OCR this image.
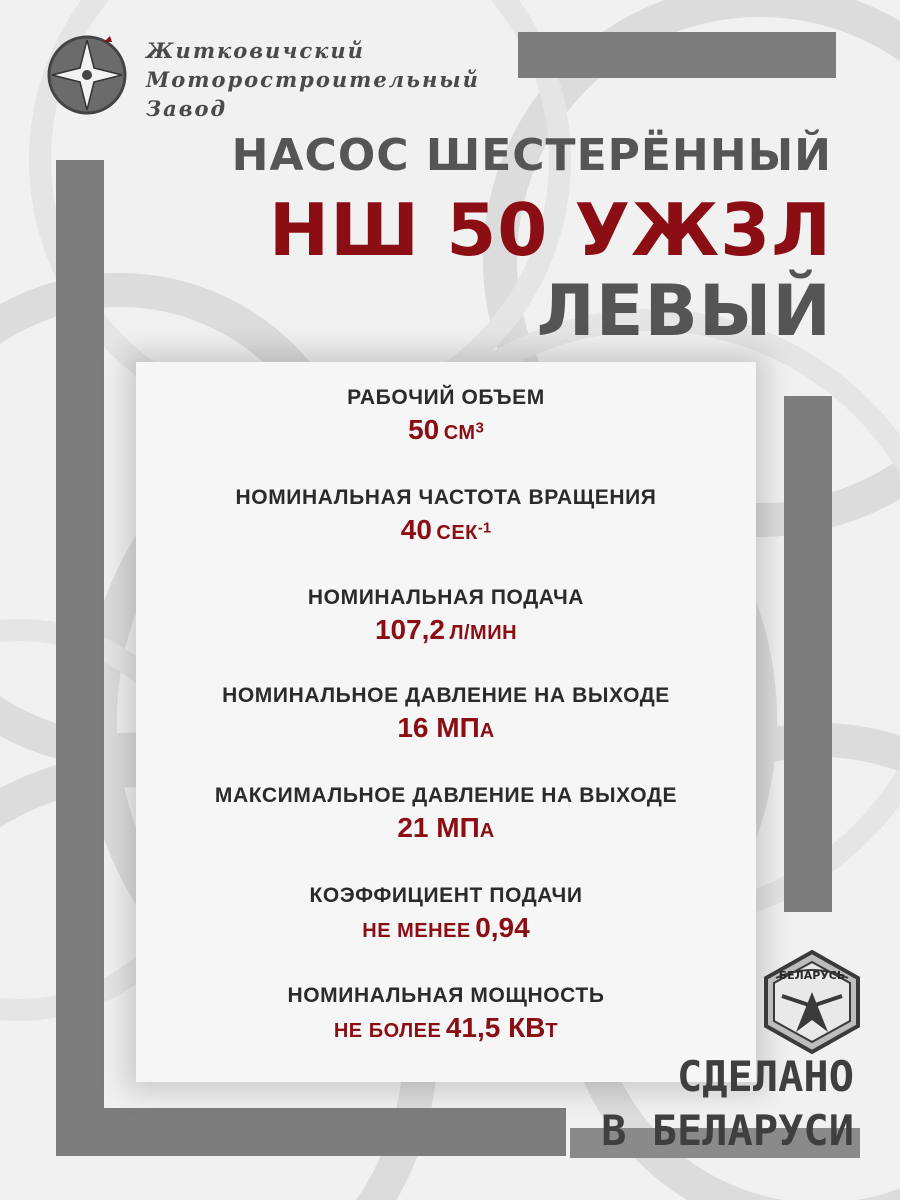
Житковичский
Моторостроительный
Завод
НАСОС ШЕСТЕРЁННЫЙ
НШ 50 УЖ3Л
ЛЕВЫЙ
РАБОЧИЙ ОБЪЕМ
50 СМ3
НОМИНАЛЬНАЯ ЧАСТОТА ВРАЩЕНИЯ
40 СЕК-1
НОМИНАЛЬНАЯ ПОДАЧА
107,2 Л/МИН
НОМИНАЛЬНОЕ ДАВЛЕНИЕ НА ВЫХОДЕ
16 МПА
МАКСИМАЛЬНОЕ ДАВЛЕНИЕ НА ВЫХОДЕ
21 МПА
КОЭФФИЦИЕНТ ПОДАЧИ
НЕ МЕНЕЕ 0,94
НОМИНАЛЬНАЯ МОЩНОСТЬ
НЕ БОЛЕЕ 41,5 КВТ
БЕЛАРУСЬ
СДЕЛАНО
В БЕЛАРУСИ
